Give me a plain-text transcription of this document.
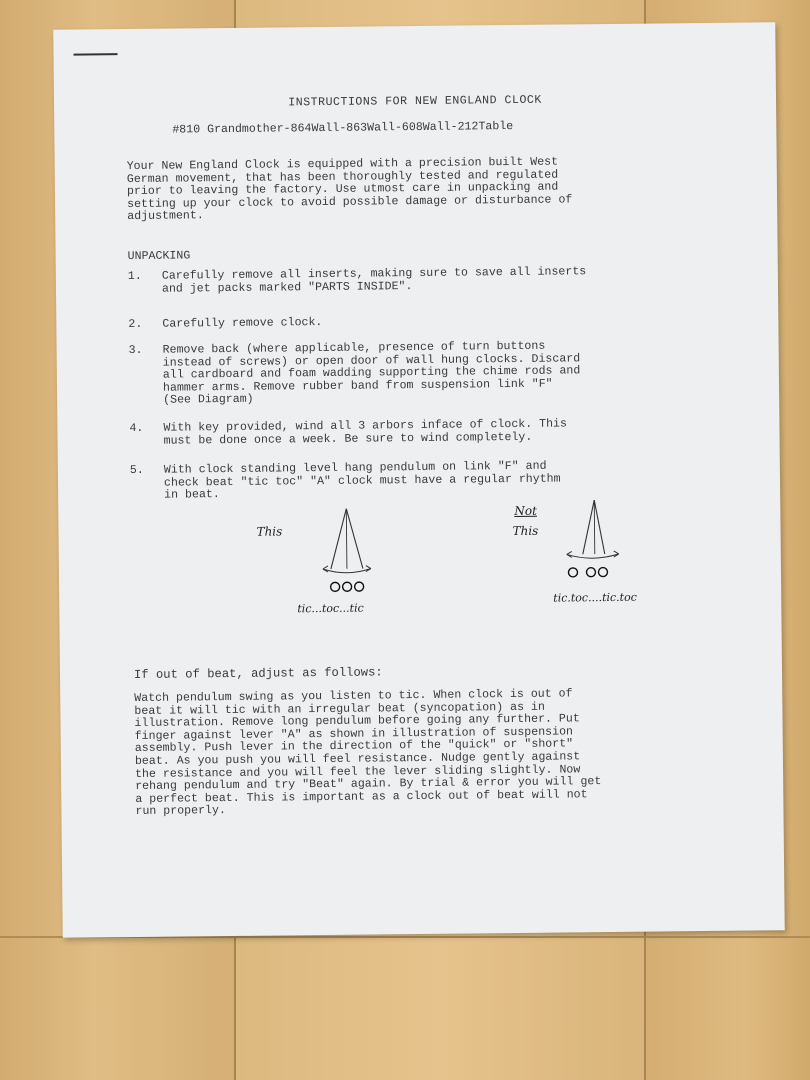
INSTRUCTIONS FOR NEW ENGLAND CLOCK
#810 Grandmother-864Wall-863Wall-608Wall-212Table
Your New England Clock is equipped with a precision built West
German movement, that has been thoroughly tested and regulated
prior to leaving the factory. Use utmost care in unpacking and
setting up your clock to avoid possible damage or disturbance of
adjustment.
UNPACKING
1. Carefully remove all inserts, making sure to save all inserts
and jet packs marked "PARTS INSIDE".
2. Carefully remove clock.
3. Remove back (where applicable, presence of turn buttons
instead of screws) or open door of wall hung clocks. Discard
all cardboard and foam wadding supporting the chime rods and
hammer arms. Remove rubber band from suspension link "F"
(See Diagram)
4. With key provided, wind all 3 arbors inface of clock. This
must be done once a week. Be sure to wind completely.
5. With clock standing level hang pendulum on link "F" and
check beat "tic toc" "A" clock must have a regular rhythm
in beat.
This
tic...toc...tic
Not
This
tic.toc....tic.toc
If out of beat, adjust as follows:
Watch pendulum swing as you listen to tic. When clock is out of
beat it will tic with an irregular beat (syncopation) as in
illustration. Remove long pendulum before going any further. Put
finger against lever "A" as shown in illustration of suspension
assembly. Push lever in the direction of the "quick" or "short"
beat. As you push you will feel resistance. Nudge gently against
the resistance and you will feel the lever sliding slightly. Now
rehang pendulum and try "Beat" again. By trial & error you will get
a perfect beat. This is important as a clock out of beat will not
run properly.
